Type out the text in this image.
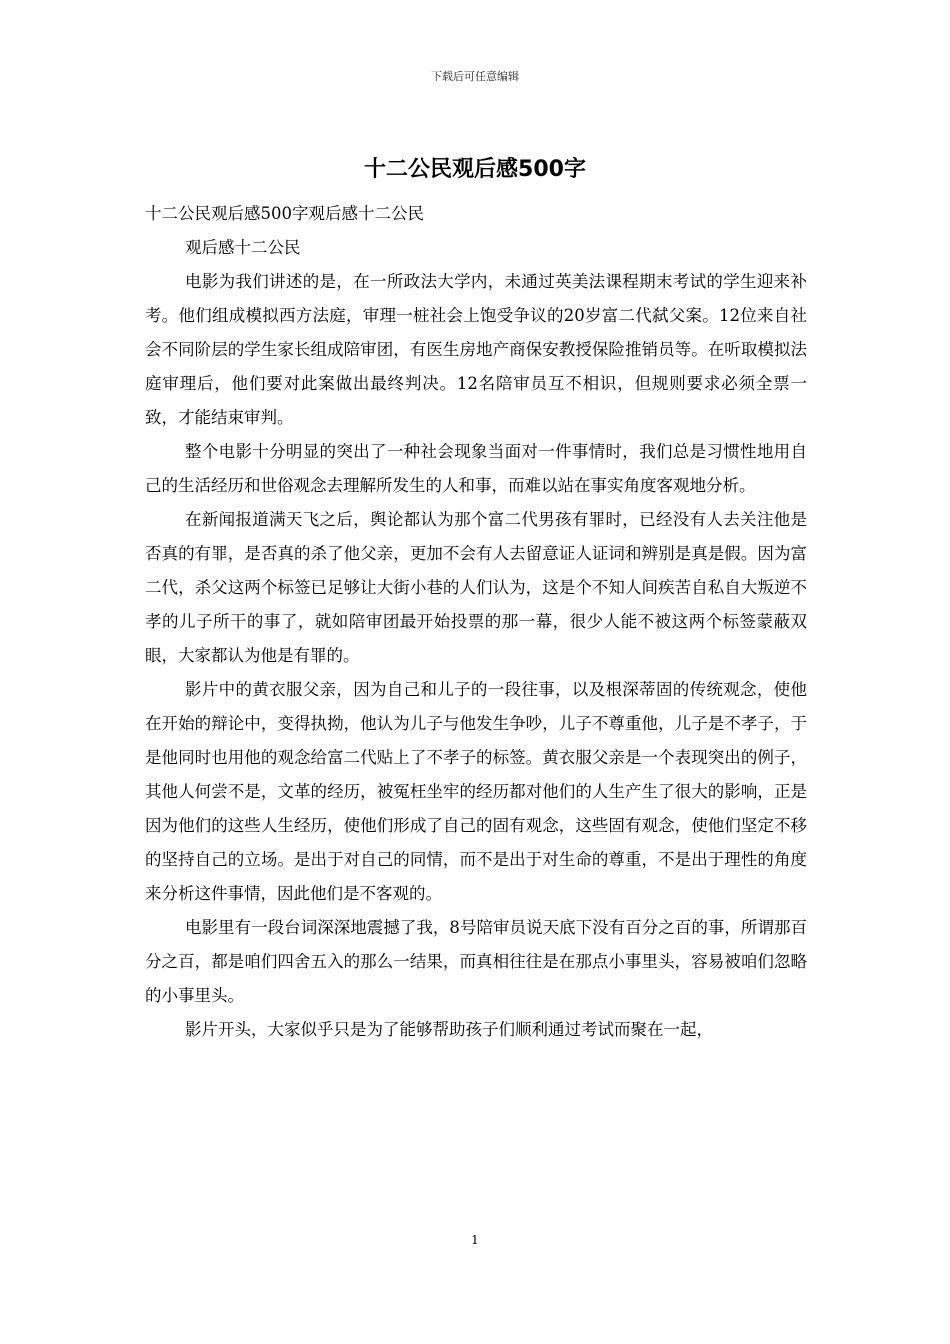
下载后可任意编辑
十二公民观后感500字

十二公民观后感500字观后感十二公民

观后感十二公民

电影为我们讲述的是，在一所政法大学内，未通过英美法课程期末考试的学生迎来补考。他们组成模拟西方法庭，审理一桩社会上饱受争议的20岁富二代弑父案。12位来自社会不同阶层的学生家长组成陪审团，有医生房地产商保安教授保险推销员等。在听取模拟法庭审理后，他们要对此案做出最终判决。12名陪审员互不相识，但规则要求必须全票一致，才能结束审判。

整个电影十分明显的突出了一种社会现象当面对一件事情时，我们总是习惯性地用自己的生活经历和世俗观念去理解所发生的人和事，而难以站在事实角度客观地分析。

在新闻报道满天飞之后，舆论都认为那个富二代男孩有罪时，已经没有人去关注他是否真的有罪，是否真的杀了他父亲，更加不会有人去留意证人证词和辨别是真是假。因为富二代，杀父这两个标签已足够让大街小巷的人们认为，这是个不知人间疾苦自私自大叛逆不孝的儿子所干的事了，就如陪审团最开始投票的那一幕，很少人能不被这两个标签蒙蔽双眼，大家都认为他是有罪的。

影片中的黄衣服父亲，因为自己和儿子的一段往事，以及根深蒂固的传统观念，使他在开始的辩论中，变得执拗，他认为儿子与他发生争吵，儿子不尊重他，儿子是不孝子，于是他同时也用他的观念给富二代贴上了不孝子的标签。黄衣服父亲是一个表现突出的例子，其他人何尝不是，文革的经历，被冤枉坐牢的经历都对他们的人生产生了很大的影响，正是因为他们的这些人生经历，使他们形成了自己的固有观念，这些固有观念，使他们坚定不移的坚持自己的立场。是出于对自己的同情，而不是出于对生命的尊重，不是出于理性的角度来分析这件事情，因此他们是不客观的。

电影里有一段台词深深地震撼了我，8号陪审员说天底下没有百分之百的事，所谓那百分之百，都是咱们四舍五入的那么一结果，而真相往往是在那点小事里头，容易被咱们忽略的小事里头。

影片开头，大家似乎只是为了能够帮助孩子们顺利通过考试而聚在一起，

1
